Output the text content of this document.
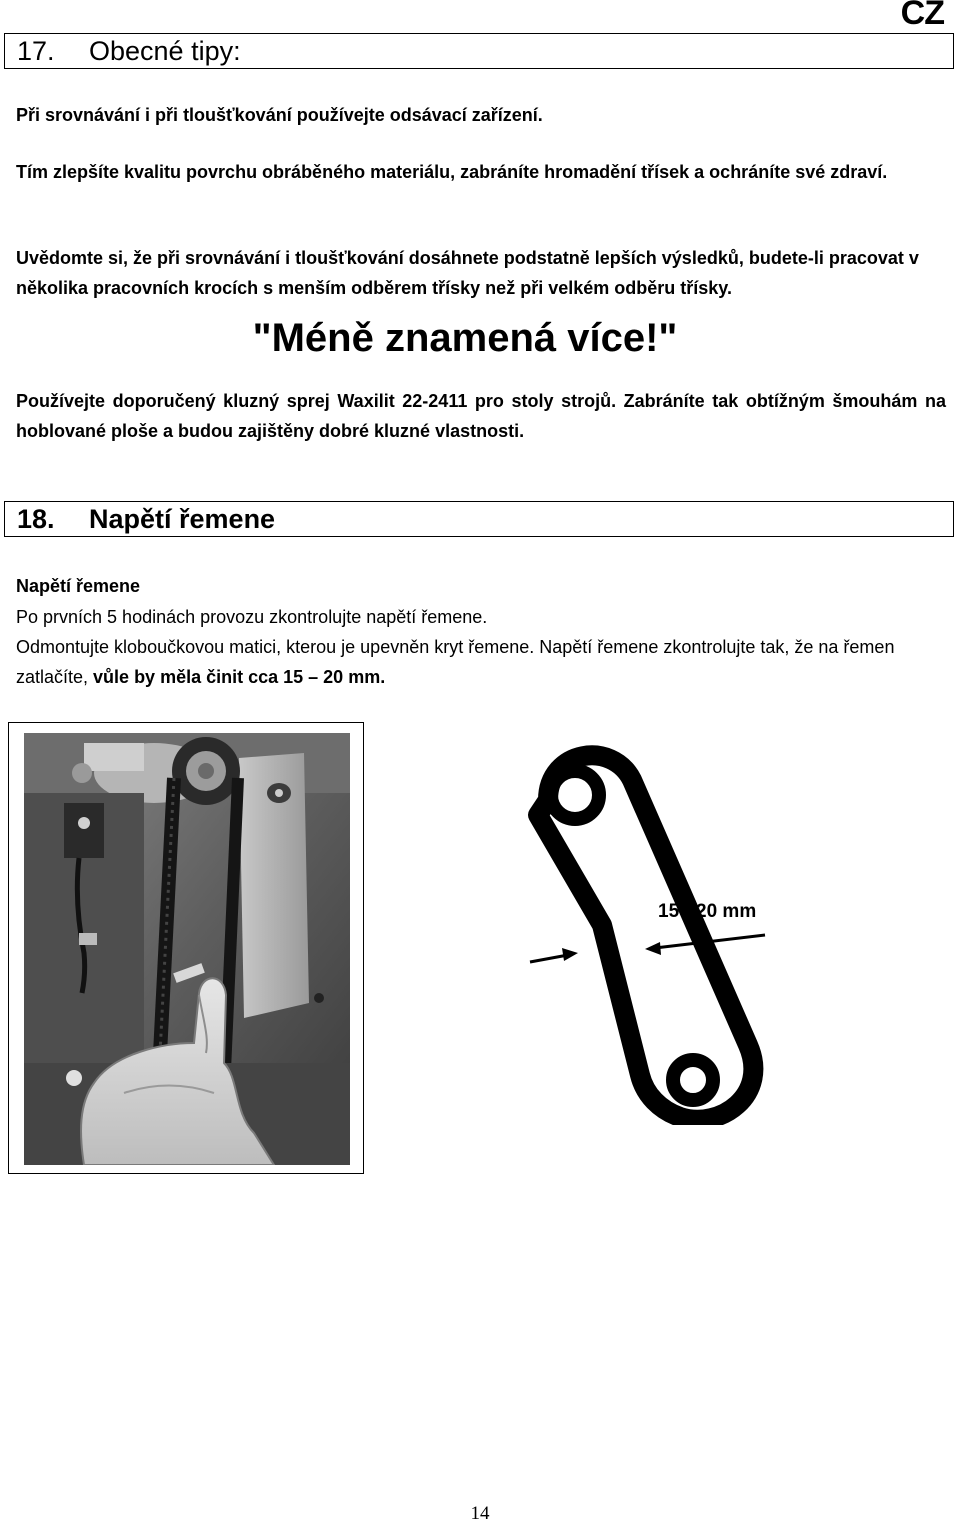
CZ
17. Obecné tipy:
Při srovnávání i při tloušťkování používejte odsávací zařízení.
Tím zlepšíte kvalitu povrchu obráběného materiálu, zabráníte hromadění třísek a ochráníte své zdraví.
Uvědomte si, že při srovnávání i tloušťkování dosáhnete podstatně lepších výsledků, budete-li pracovat v několika pracovních krocích s menším odběrem třísky než při velkém odběru třísky.
"Méně znamená více!"
Používejte doporučený kluzný sprej Waxilit 22-2411 pro stoly strojů. Zabráníte tak obtížným šmouhám na hoblované ploše a budou zajištěny dobré kluzné vlastnosti.
18. Napětí řemene
Napětí řemene
Po prvních 5 hodinách provozu zkontrolujte napětí řemene.
Odmontujte kloboučkovou matici, kterou je upevněn kryt řemene. Napětí řemene zkontrolujte tak, že na řemen zatlačíte, vůle by měla činit cca 15 – 20 mm.
15 - 20 mm
14
